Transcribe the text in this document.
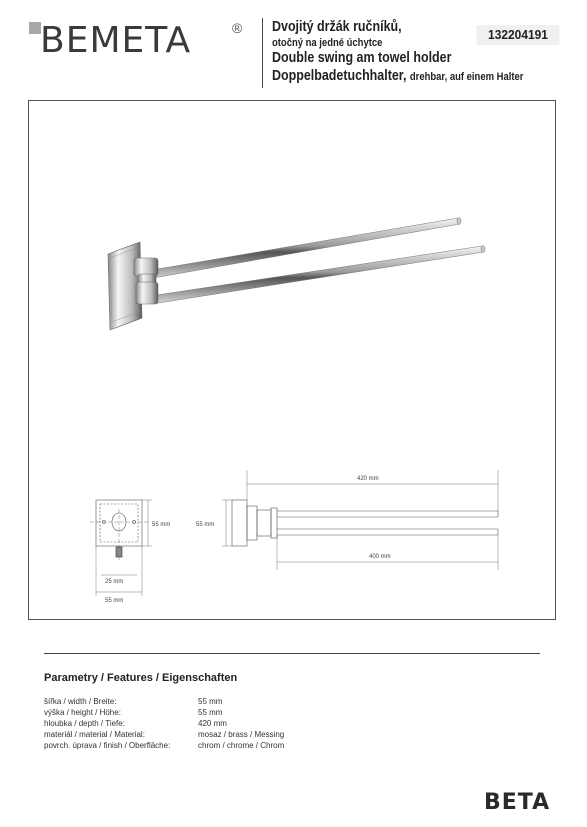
BEMETA	® Dvojitý držák ručníků,
otočný na jedné úchytce
Double swing am towel holder
Doppelbadetuchhalter, drehbar, auf einem Halter
132204191
55 mm
25 mm
55 mm
420 mm
400 mm
55 mm
Parametry / Features / Eigenschaften
šířka / width / Breite:	55 mm
výška / height / Höhe:	55 mm
hloubka / depth / Tiefe:	420 mm
materiál / material / Material:	mosaz / brass / Messing
povrch. úprava / finish / Oberfläche:	chrom / chrome / Chrom
BETA
